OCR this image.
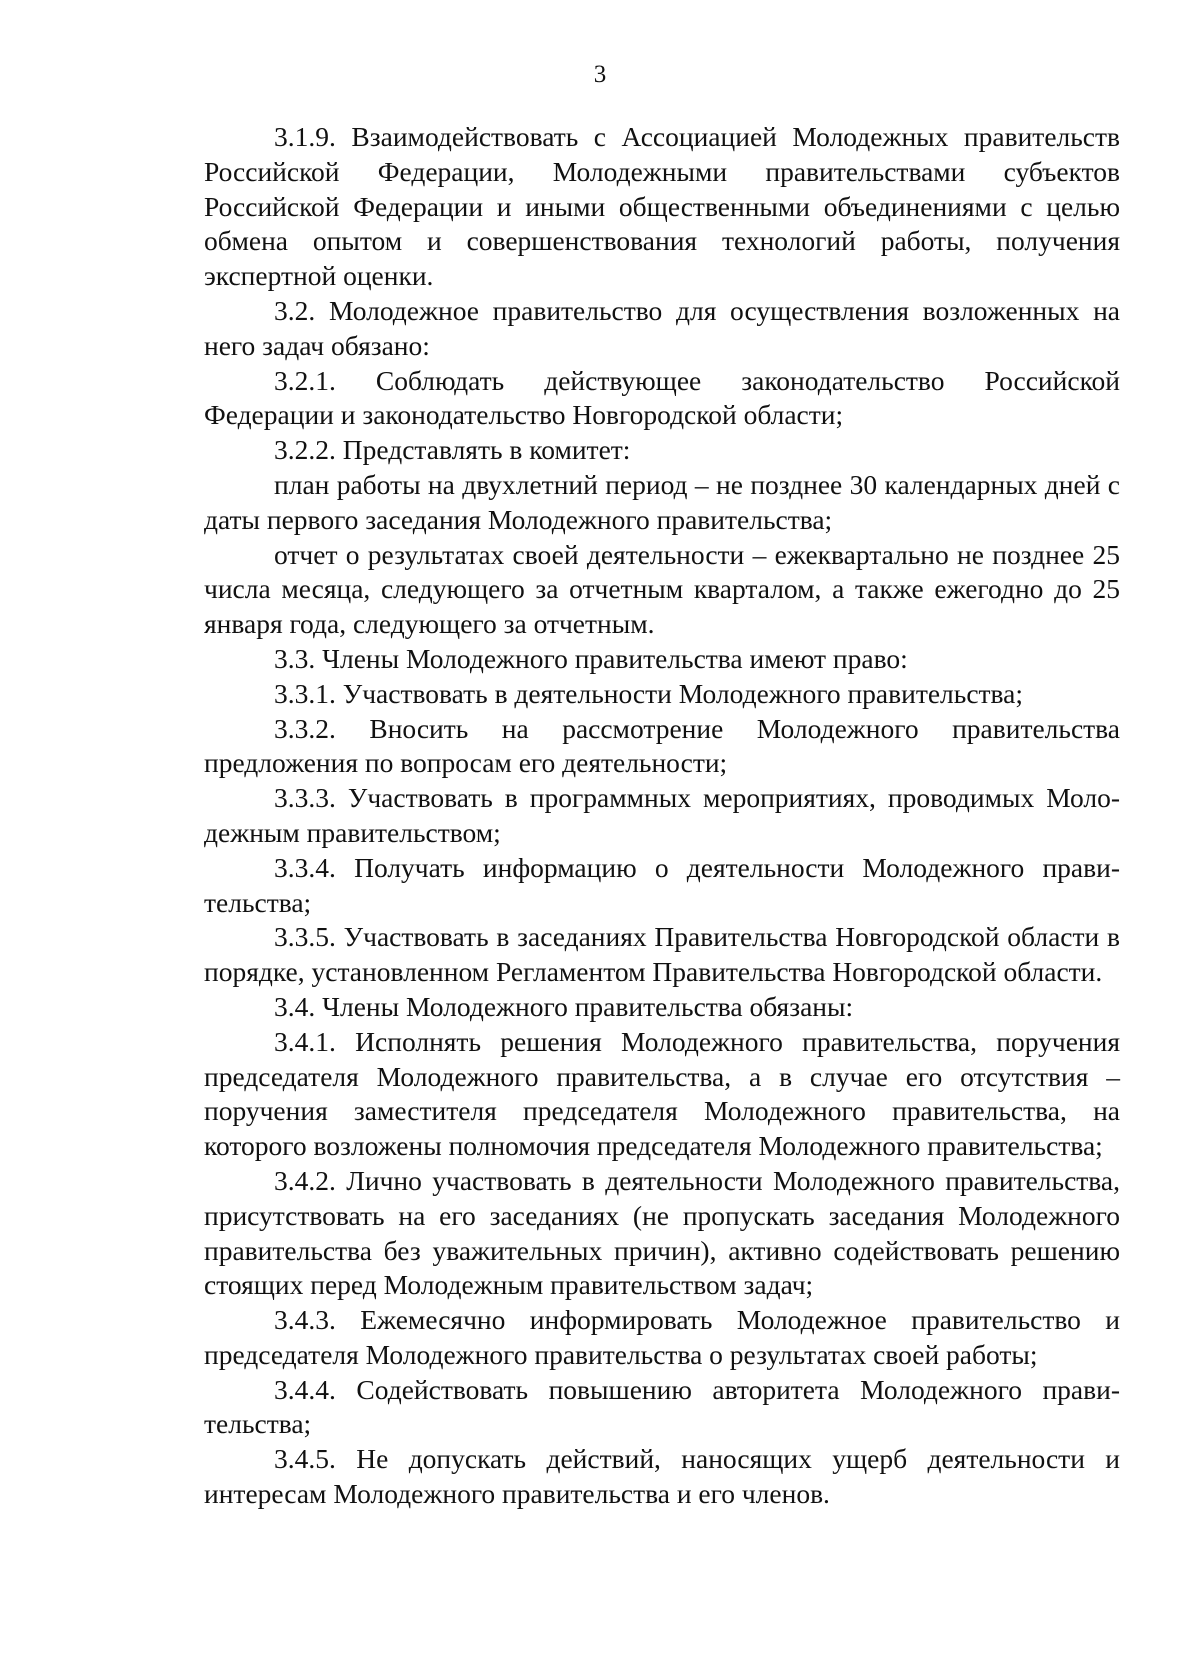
3

3.1.9. Взаимодействовать с Ассоциацией Молодежных правительств Российской Федерации, Молодежными правительствами субъектов Российской Федерации и иными общественными объединениями с целью обмена опытом и совершенствования технологий работы, получения экспертной оценки.

3.2. Молодежное правительство для осуществления возложенных на него задач обязано:

3.2.1. Соблюдать действующее законодательство Российской Федерации и законодательство Новгородской области;

3.2.2. Представлять в комитет:

план работы на двухлетний период – не позднее 30 календарных дней с даты первого заседания Молодежного правительства;

отчет о результатах своей деятельности – ежеквартально не позднее 25 числа месяца, следующего за отчетным кварталом, а также ежегодно до 25 января года, следующего за отчетным.

3.3. Члены Молодежного правительства имеют право:

3.3.1. Участвовать в деятельности Молодежного правительства;

3.3.2. Вносить на рассмотрение Молодежного правительства предложения по вопросам его деятельности;

3.3.3. Участвовать в программных мероприятиях, проводимых Моло-дежным правительством;

3.3.4. Получать информацию о деятельности Молодежного прави-тельства;

3.3.5. Участвовать в заседаниях Правительства Новгородской области в порядке, установленном Регламентом Правительства Новгородской области.

3.4. Члены Молодежного правительства обязаны:

3.4.1. Исполнять решения Молодежного правительства, поручения председателя Молодежного правительства, а в случае его отсутствия – поручения заместителя председателя Молодежного правительства, на которого возложены полномочия председателя Молодежного правительства;

3.4.2. Лично участвовать в деятельности Молодежного правительства, присутствовать на его заседаниях (не пропускать заседания Молодежного правительства без уважительных причин), активно содействовать решению стоящих перед Молодежным правительством задач;

3.4.3. Ежемесячно информировать Молодежное правительство и председателя Молодежного правительства о результатах своей работы;

3.4.4. Содействовать повышению авторитета Молодежного прави-тельства;

3.4.5. Не допускать действий, наносящих ущерб деятельности и интересам Молодежного правительства и его членов.
